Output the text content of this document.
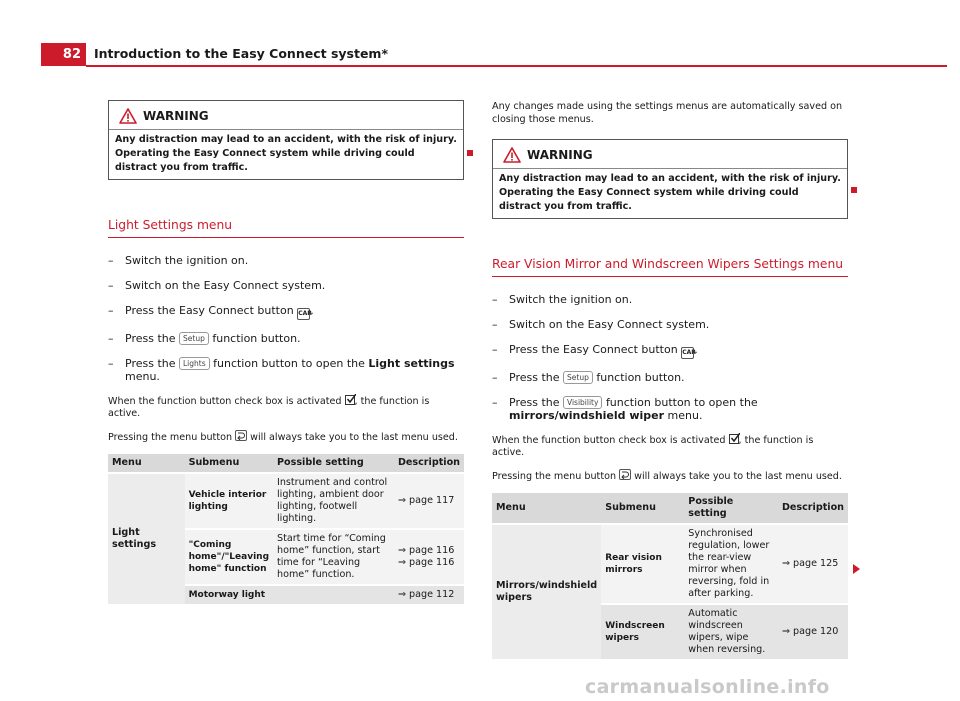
82	Introduction to the Easy Connect system*
WARNING
Any distraction may lead to an accident, with the risk of injury. Operating the Easy Connect system while driving could distract you from traffic.
Light Settings menu
– Switch the ignition on.
– Switch on the Easy Connect system.
– Press the Easy Connect button CAR.
– Press the Setup function button.
– Press the Lights function button to open the Light settings menu.

When the function button check box is activated , the function is active.

Pressing the menu button will always take you to the last menu used.

Menu	Submenu	Possible setting	Description
Light settings	Vehicle interior lighting	Instrument and control lighting, ambient door lighting, footwell lighting.	⇒ page 117
	"Coming home"/"Leaving home" function	Start time for “Coming home” function, start time for “Leaving home” function.	⇒ page 116 ⇒ page 116
	Motorway light		⇒ page 112

Any changes made using the settings menus are automatically saved on closing those menus.

WARNING
Any distraction may lead to an accident, with the risk of injury. Operating the Easy Connect system while driving could distract you from traffic.
Rear Vision Mirror and Windscreen Wipers Settings menu
– Switch the ignition on.
– Switch on the Easy Connect system.
– Press the Easy Connect button CAR.
– Press the Setup function button.
– Press the Visibility function button to open the mirrors/windshield wiper menu.

When the function button check box is activated , the function is active.

Pressing the menu button will always take you to the last menu used.

Menu	Submenu	Possible setting	Description
Mirrors/windshield wipers	Rear vision mirrors	Synchronised regulation, lower the rear-view mirror when reversing, fold in after parking.	⇒ page 125
	Windscreen wipers	Automatic windscreen wipers, wipe when reversing.	⇒ page 120
carmanualsonline.info
